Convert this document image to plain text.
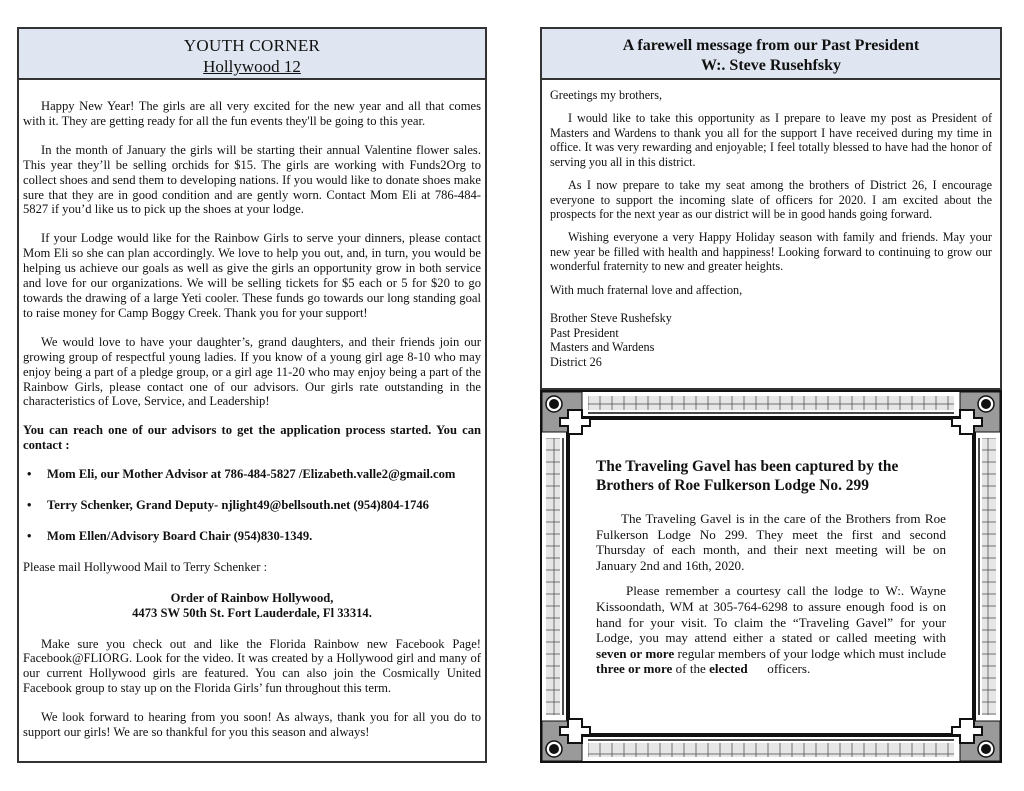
YOUTH CORNER
Hollywood 12

Happy New Year! The girls are all very excited for the new year and all that comes with it. They are getting ready for all the fun events they'll be going to this year.

In the month of January the girls will be starting their annual Valentine flower sales. This year they’ll be selling orchids for $15. The girls are working with Funds2Org to collect shoes and send them to developing nations. If you would like to donate shoes make sure that they are in good condition and are gently worn. Contact Mom Eli at 786-484-5827 if you’d like us to pick up the shoes at your lodge.

If your Lodge would like for the Rainbow Girls to serve your dinners, please contact Mom Eli so she can plan accordingly. We love to help you out, and, in turn, you would be helping us achieve our goals as well as give the girls an opportunity grow in both service and love for our organizations. We will be selling tickets for $5 each or 5 for $20 to go towards the drawing of a large Yeti cooler. These funds go towards our long standing goal to raise money for Camp Boggy Creek. Thank you for your support!

We would love to have your daughter’s, grand daughters, and their friends join our growing group of respectful young ladies. If you know of a young girl age 8-10 who may enjoy being a part of a pledge group, or a girl age 11-20 who may enjoy being a part of the Rainbow Girls, please contact one of our advisors. Our girls rate outstanding in the characteristics of Love, Service, and Leadership!

You can reach one of our advisors to get the application process started. You can contact :

• Mom Eli, our Mother Advisor at 786-484-5827 /Elizabeth.valle2@gmail.com
• Terry Schenker, Grand Deputy- njlight49@bellsouth.net (954)804-1746
• Mom Ellen/Advisory Board Chair (954)830-1349.

Please mail Hollywood Mail to Terry Schenker :

Order of Rainbow Hollywood,
4473 SW 50th St. Fort Lauderdale, Fl 33314.

Make sure you check out and like the Florida Rainbow new Facebook Page! Facebook@FLIORG. Look for the video. It was created by a Hollywood girl and many of our current Hollywood girls are featured. You can also join the Cosmically United Facebook group to stay up on the Florida Girls’ fun throughout this term.

We look forward to hearing from you soon! As always, thank you for all you do to support our girls! We are so thankful for you this season and always!

A farewell message from our Past President
W:. Steve Rusehfsky

Greetings my brothers,

I would like to take this opportunity as I prepare to leave my post as President of Masters and Wardens to thank you all for the support I have received during my time in office. It was very rewarding and enjoyable; I feel totally blessed to have had the honor of serving you all in this district.

As I now prepare to take my seat among the brothers of District 26, I encourage everyone to support the incoming slate of officers for 2020. I am excited about the prospects for the next year as our district will be in good hands going forward.

Wishing everyone a very Happy Holiday season with family and friends. May your new year be filled with health and happiness! Looking forward to continuing to grow our wonderful fraternity to new and greater heights.

With much fraternal love and affection,

Brother Steve Rushefsky
Past President
Masters and Wardens
District 26
The Traveling Gavel has been captured by the Brothers of Roe Fulkerson Lodge No. 299

The Traveling Gavel is in the care of the Brothers from Roe Fulkerson Lodge No 299. They meet the first and second Thursday of each month, and their next meeting will be on January 2nd and 16th, 2020.

Please remember a courtesy call the lodge to W:. Wayne Kissoondath, WM at 305-764-6298 to assure enough food is on hand for your visit. To claim the “Traveling Gavel” for your Lodge, you may attend either a stated or called meeting with seven or more regular members of your lodge which must include three or more of the elected      officers.
